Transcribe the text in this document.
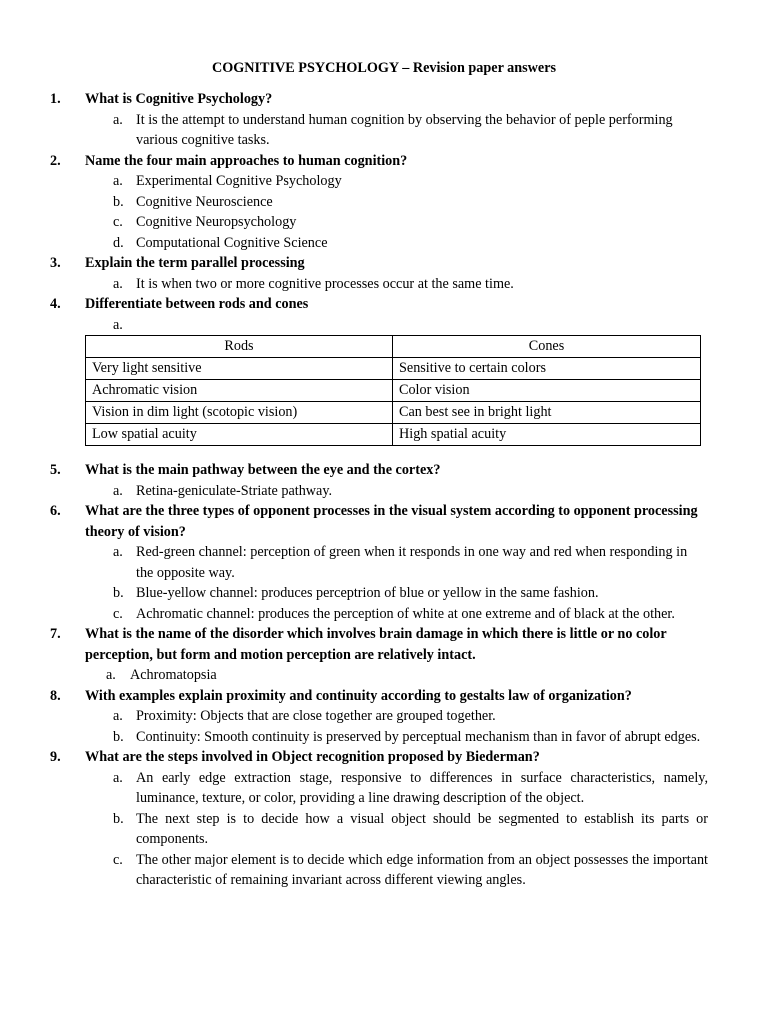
COGNITIVE PSYCHOLOGY – Revision paper answers
1. What is Cognitive Psychology?
a. It is the attempt to understand human cognition by observing the behavior of peple performing various cognitive tasks.
2. Name the four main approaches to human cognition?
a. Experimental Cognitive Psychology
b. Cognitive Neuroscience
c. Cognitive Neuropsychology
d. Computational Cognitive Science
3. Explain the term parallel processing
a. It is when two or more cognitive processes occur at the same time.
4. Differentiate between rods and cones
a.
Rods	Cones
Very light sensitive	Sensitive to certain colors
Achromatic vision	Color vision
Vision in dim light (scotopic vision)	Can best see in bright light
Low spatial acuity	High spatial acuity
5. What is the main pathway between the eye and the cortex?
a. Retina-geniculate-Striate pathway.
6. What are the three types of opponent processes in the visual system according to opponent processing theory of vision?
a. Red-green channel: perception of green when it responds in one way and red when responding in the opposite way.
b. Blue-yellow channel: produces perceptrion of blue or yellow in the same fashion.
c. Achromatic channel: produces the perception of white at one extreme and of black at the other.
7. What is the name of the disorder which involves brain damage in which there is little or no color perception, but form and motion perception are relatively intact.
a. Achromatopsia
8. With examples explain proximity and continuity according to gestalts law of organization?
a. Proximity: Objects that are close together are grouped together.
b. Continuity: Smooth continuity is preserved by perceptual mechanism than in favor of abrupt edges.
9. What are the steps involved in Object recognition proposed by Biederman?
a. An early edge extraction stage, responsive to differences in surface characteristics, namely, luminance, texture, or color, providing a line drawing description of the object.
b. The next step is to decide how a visual object should be segmented to establish its parts or components.
c. The other major element is to decide which edge information from an object possesses the important characteristic of remaining invariant across different viewing angles.
